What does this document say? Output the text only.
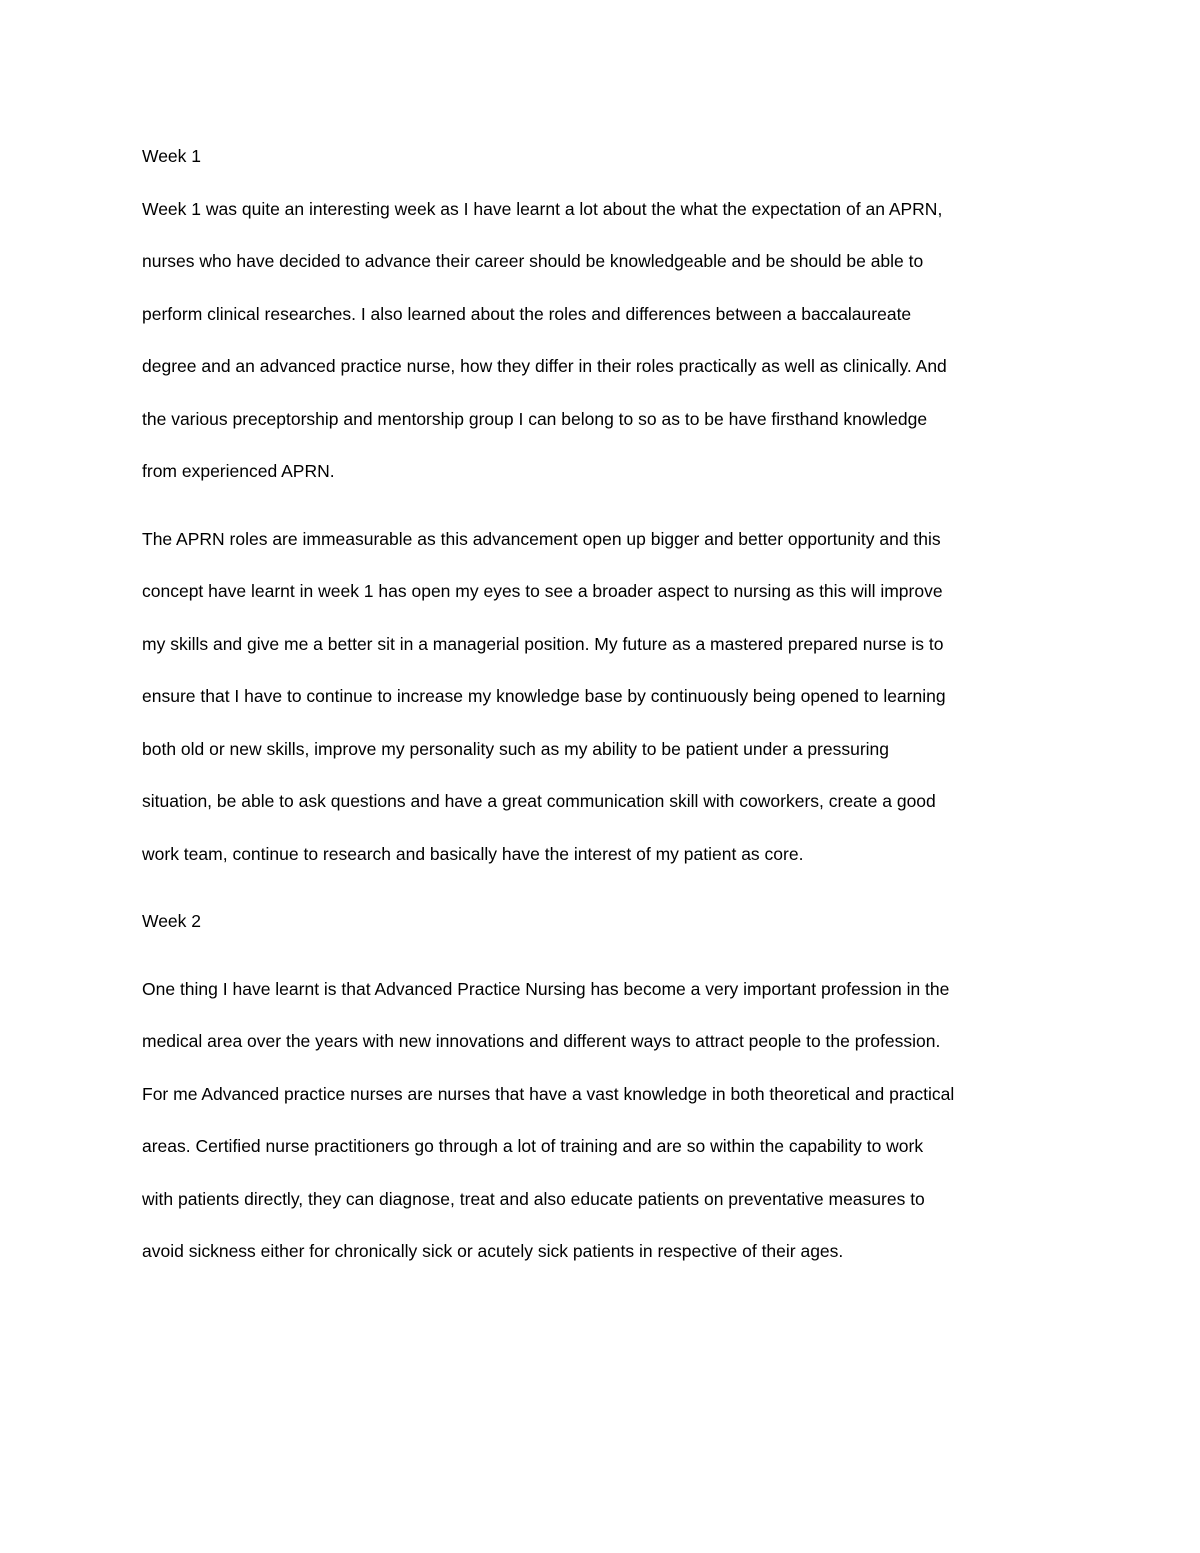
Week 1
Week 1 was quite an interesting week as I have learnt a lot about the what the expectation of an APRN,
nurses who have decided to advance their career should be knowledgeable and be should be able to
perform clinical researches. I also learned about the roles and differences between a baccalaureate
degree and an advanced practice nurse, how they differ in their roles practically as well as clinically. And
the various preceptorship and mentorship group I can belong to so as to be have firsthand knowledge
from experienced APRN.
The APRN roles are immeasurable as this advancement open up bigger and better opportunity and this
concept have learnt in week 1 has open my eyes to see a broader aspect to nursing as this will improve
my skills and give me a better sit in a managerial position. My future as a mastered prepared nurse is to
ensure that I have to continue to increase my knowledge base by continuously being opened to learning
both old or new skills, improve my personality such as my ability to be patient under a pressuring
situation, be able to ask questions and have a great communication skill with coworkers, create a good
work team, continue to research and basically have the interest of my patient as core.
Week 2
One thing I have learnt is that Advanced Practice Nursing has become a very important profession in the
medical area over the years with new innovations and different ways to attract people to the profession.
For me Advanced practice nurses are nurses that have a vast knowledge in both theoretical and practical
areas. Certified nurse practitioners go through a lot of training and are so within the capability to work
with patients directly, they can diagnose, treat and also educate patients on preventative measures to
avoid sickness either for chronically sick or acutely sick patients in respective of their ages.
